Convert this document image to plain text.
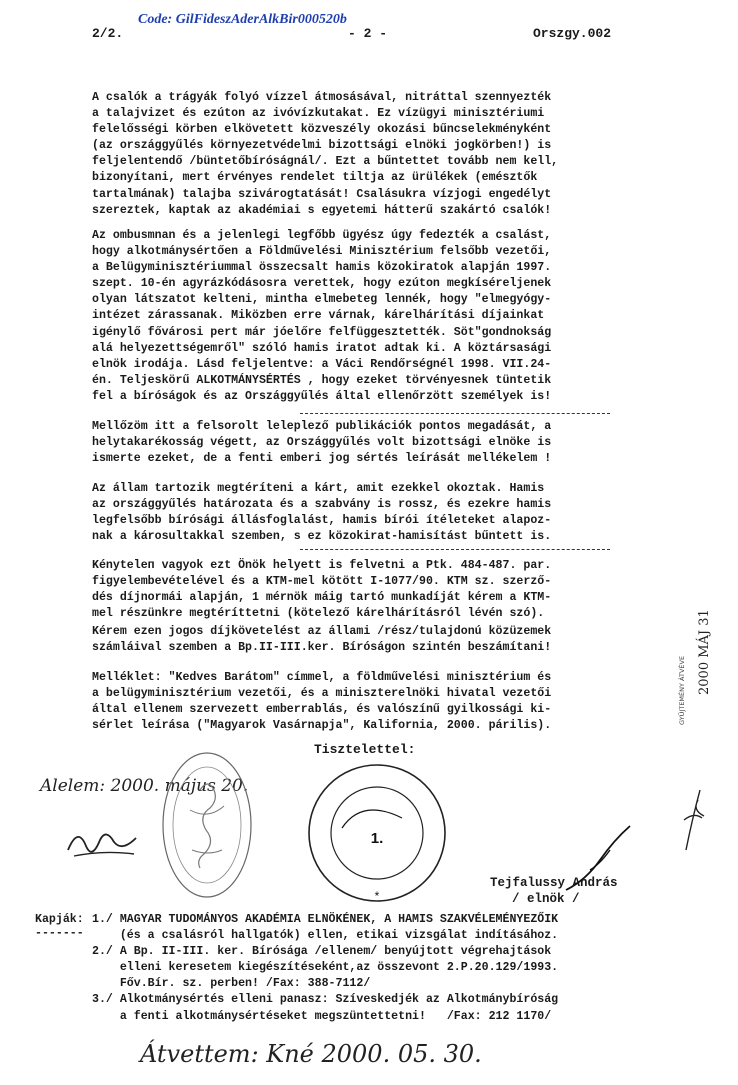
Code: GilFideszAderAlkBir000520b
2/2.	- 2 -	Orszgy.002
A csalók a trágyák folyó vízzel átmosásával, nitráttal szennyezték
a talajvizet és ezúton az ivóvízkutakat. Ez vízügyi minisztériumi
felelősségi körben elkövetett közveszély okozási bűncselekményként
(az országgyűlés környezetvédelmi bizottsági elnöki jogkörben!) is
feljelentendő /büntetőbíróságnál/. Ezt a bűntettet tovább nem kell,
bizonyítani, mert érvényes rendelet tiltja az ürülékek (emésztők
tartalmának) talajba szivárogtatását! Csalásukra vízjogi engedélyt
szereztek, kaptak az akadémiai s egyetemi hátterű szakártó csalók!
Az ombusmnan és a jelenlegi legfőbb ügyész úgy fedezték a csalást,
hogy alkotmánysértően a Földművelési Minisztérium felsőbb vezetői,
a Belügyminisztériummal összecsalt hamis közokiratok alapján 1997.
szept. 10-én agyrázkódásosra verettek, hogy ezúton megkíséreljenek
olyan látszatot kelteni, mintha elmebeteg lennék, hogy "elmegyógy-
intézet zárassanak. Miközben erre várnak, kárelhárítási díjainkat
igénylő fővárosi pert már jóelőre felfüggesztették. Söt"gondnokság
alá helyezettségemről" szóló hamis iratot adtak ki. A köztársasági
elnök irodája. Lásd feljelentve: a Váci Rendőrségnél 1998. VII.24-
én. Teljeskörű ALKOTMÁNYSÉRTÉS , hogy ezeket törvényesnek tüntetik
fel a bíróságok és az Országgyűlés által ellenőrzött személyek is!
Mellőzöm itt a felsorolt leleplező publikációk pontos megadását, a
helytakarékosság végett, az Országgyűlés volt bizottsági elnöke is
ismerte ezeket, de a fenti emberi jog sértés leírását mellékelem !
Az állam tartozik megtéríteni a kárt, amit ezekkel okoztak. Hamis
az országgyűlés határozata és a szabvány is rossz, és ezekre hamis
legfelsőbb bírósági állásfoglalást, hamis bírói ítéleteket alapoz-
nak a károsultakkal szemben, s ez közokirat-hamisítást bűntett is.
Kényteleп vagyok ezt Önök helyett is felvetni a Ptk. 484-487. par.
figyelembevételével és a KTM-mel kötött I-1077/90. KTM sz. szerző-
dés díjnormái alapján, 1 mérnök máig tartó munkadíját kérem a KTM-
mel részünkre megtéríttetni (kötelező kárelhárításról lévén szó).
Kérem ezen jogos díjkövetelést az állami /rész/tulajdonú közüzemek
számláival szemben a Bp.II-III.ker. Bíróságon szintén beszámítani!
Melléklet: "Kedves Barátom" címmel, a földművelési minisztérium és
a belügyminisztérium vezetői, és a miniszterelnöki hivatal vezetői
által ellenem szervezett emberrablás, és valószínű gyilkossági ki-
sérlet leírása ("Magyarok Vasárnapja", Kalifornia, 2000. párilis).
GYŰJTEMÉNY ÁTVÉVE 2000 MÁJ 31
Alelem: 2000. május 20.
Tisztelettel:
1.
*
Tejfalussy András
/ elnök /
Kapják:
-------
1./ MAGYAR TUDOMÁNYOS AKADÉMIA ELNÖKÉNEK, A HAMIS SZAKVÉLEMÉNYEZŐIK
(és a csalásról hallgatók) ellen, etikai vizsgálat indításához.
2./ A Bp. II-III. ker. Bírósága /ellenem/ benyújtott végrehajtások
elleni keresetem kiegészítéseként,az összevont 2.P.20.129/1993.
Főv.Bír. sz. perben! /Fax: 388-7112/
3./ Alkotmánysértés elleni panasz: Szíveskedjék az Alkotmánybíróság
a fenti alkotmánysértéseket megszüntettetni!   /Fax: 212 1170/
Átvettem: Kné 2000. 05. 30.
